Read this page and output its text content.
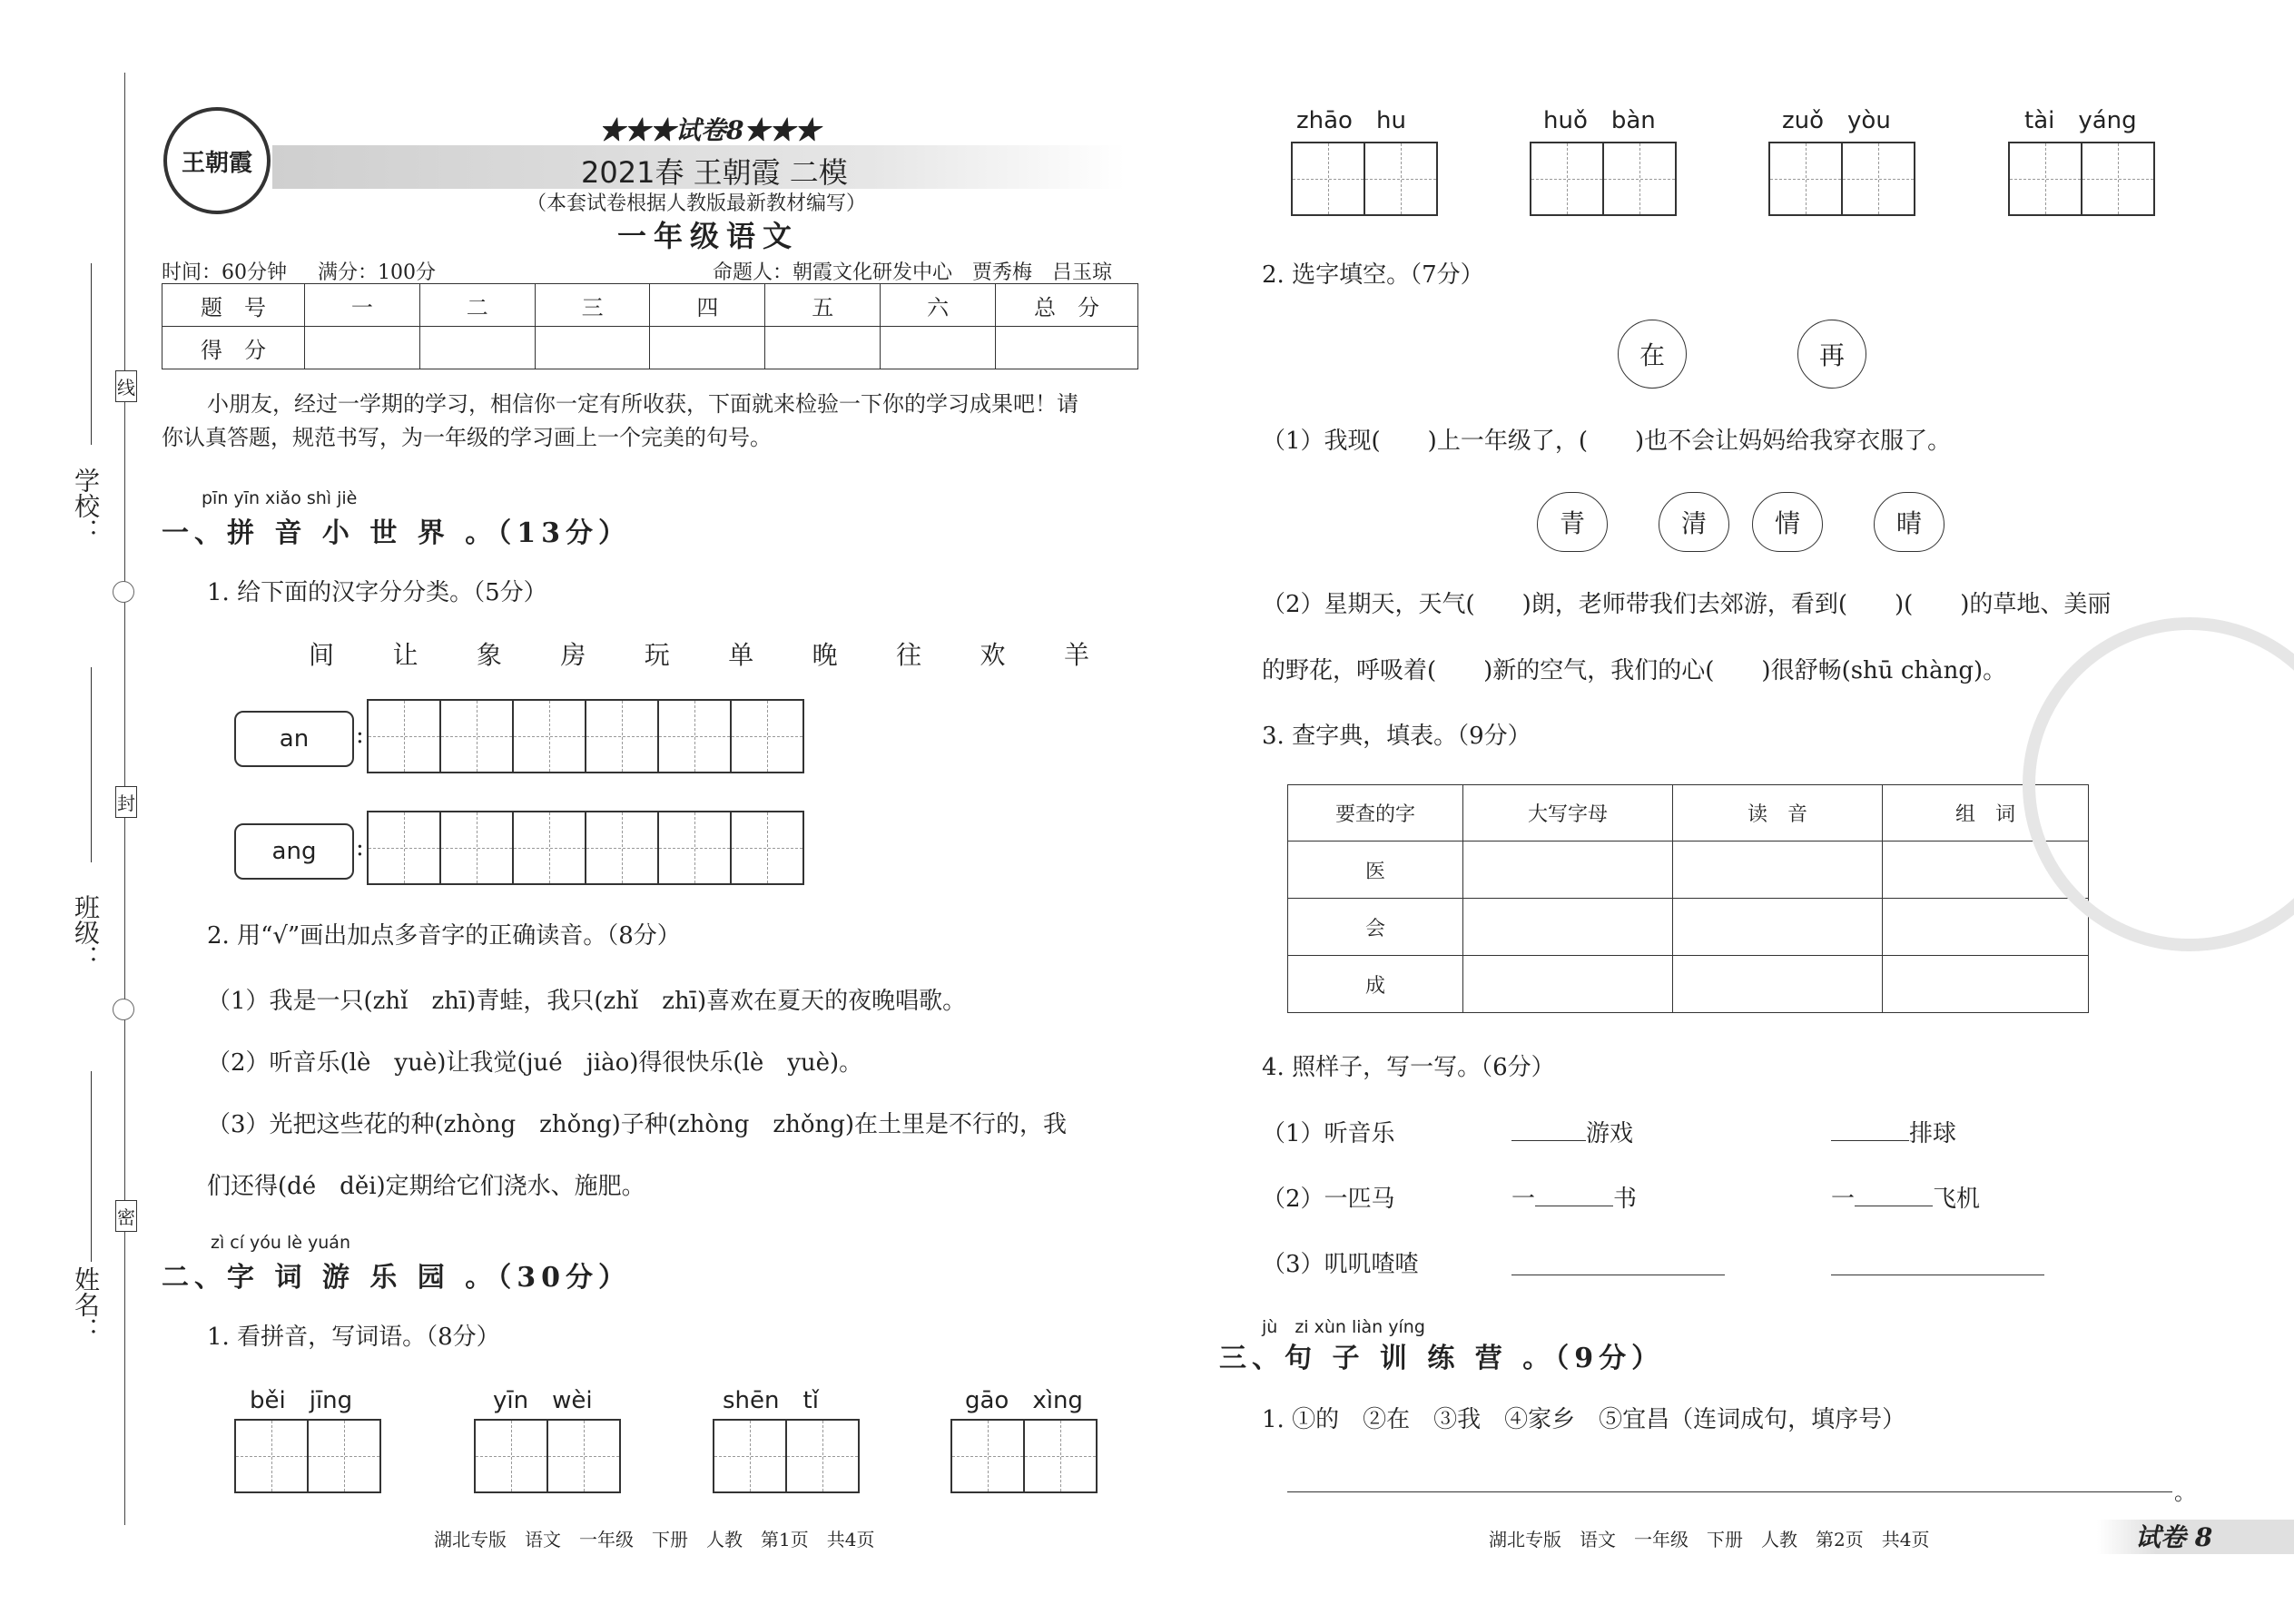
学校：
班级：
姓名：
线
封
密
王朝霞
★★★试卷8★★★
2021春 王朝霞 二模
（本套试卷根据人教版最新教材编写）
一年级语文
时间：60分钟 满分：100分	命题人：朝霞文化研发中心　贾秀梅　吕玉琼
题　号	一	二	三	四	五	六	总　分
得　分							
小朋友，经过一学期的学习，相信你一定有所收获，下面就来检验一下你的学习成果吧！请
你认真答题，规范书写，为一年级的学习画上一个完美的句号。
pīn yīn xiǎo shì jiè
一、拼 音 小 世 界 。（13分）
1. 给下面的汉字分分类。（5分）
间 让 象 房 玩 单 晚 往 欢 羊
an :
ang :
2. 用“√”画出加点多音字的正确读音。（8分）
（1）我是一只(zhǐ　zhī)青蛙，我只(zhǐ　zhī)喜欢在夏天的夜晚唱歌。
（2）听音乐(lè　yuè)让我觉(jué　jiào)得很快乐(lè　yuè)。
（3）光把这些花的种(zhòng　zhǒng)子种(zhòng　zhǒng)在土里是不行的，我
们还得(dé　děi)定期给它们浇水、施肥。
zì cí yóu lè yuán
二、字 词 游 乐 园 。（30分）
1. 看拼音，写词语。（8分）
běi　jīng	yīn　wèi	shēn　tǐ	gāo　xìng
zhāo　hu	huǒ　bàn	zuǒ　yòu	tài　yáng
2. 选字填空。（7分）
在	再
（1）我现(　　)上一年级了，(　　)也不会让妈妈给我穿衣服了。
青	清	情	晴
（2）星期天，天气(　　)朗，老师带我们去郊游，看到(　　)(　　)的草地、美丽
的野花，呼吸着(　　)新的空气，我们的心(　　)很舒畅(shū chàng)。
3. 查字典，填表。（9分）
要查的字	大写字母	读　音	组　词
医			
会			
成			
4. 照样子，写一写。（6分）
（1）听音乐	游戏	排球
（2）一匹马	一	书	一	飞机
（3）叽叽喳喳
jù　zi xùn liàn yíng
三、句 子 训 练 营 。（9分）
1. ①的　②在　③我　④家乡　⑤宜昌（连词成句，填序号）
。
湖北专版　语文　一年级　下册　人教　第1页　共4页	湖北专版　语文　一年级　下册　人教　第2页　共4页	试卷 8
